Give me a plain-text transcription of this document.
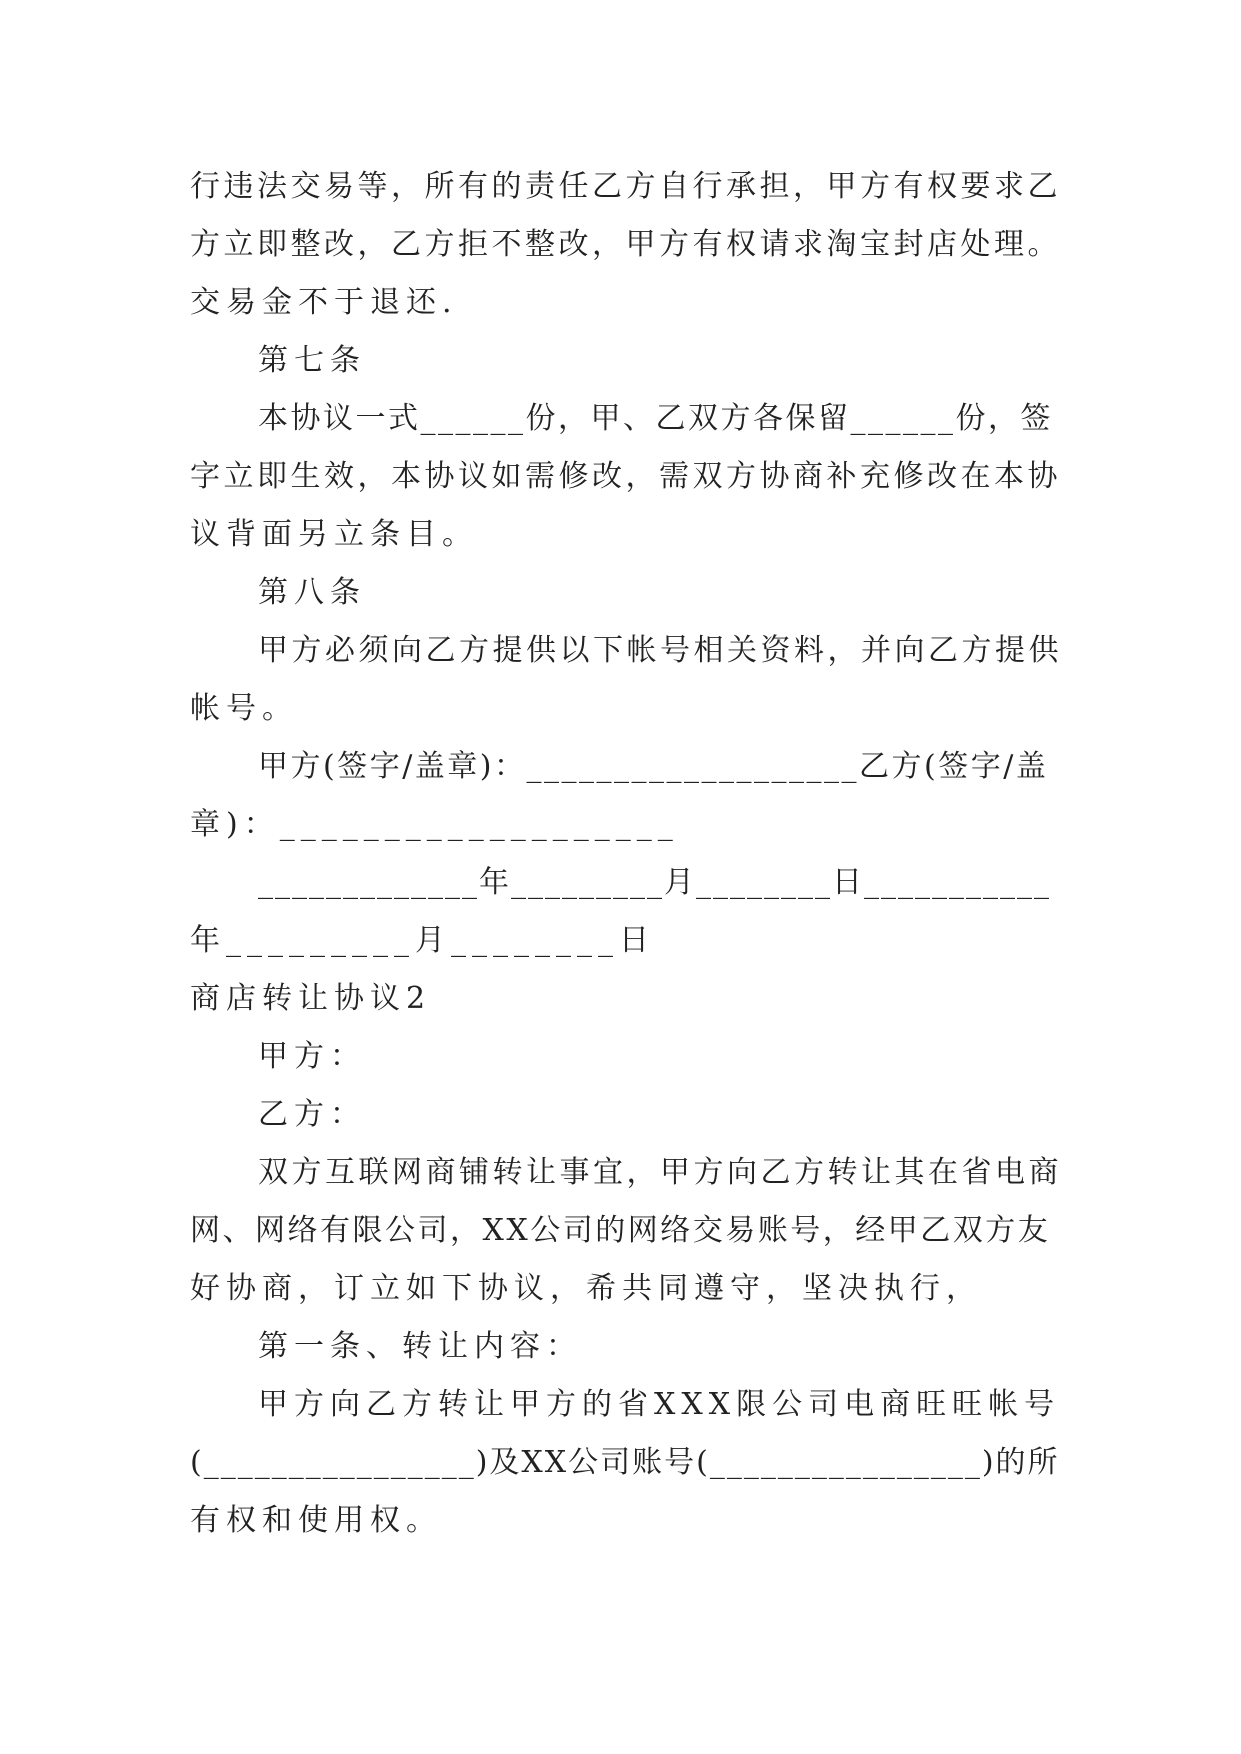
行违法交易等，所有的责任乙方自行承担，甲方有权要求乙
方立即整改，乙方拒不整改，甲方有权请求淘宝封店处理。
交易金不于退还.
第七条
本协议一式______份，甲、乙双方各保留______份，签
字立即生效，本协议如需修改，需双方协商补充修改在本协
议背面另立条目。
第八条
甲方必须向乙方提供以下帐号相关资料，并向乙方提供
帐号。
甲方(签字/盖章)：___________________乙方(签字/盖
章)：___________________
_____________年_________月________日___________
年_________月________日
商店转让协议2
甲方：
乙方：
双方互联网商铺转让事宜，甲方向乙方转让其在省电商
网、网络有限公司，XX公司的网络交易账号，经甲乙双方友
好协商，订立如下协议，希共同遵守，坚决执行，
第一条、转让内容：
甲方向乙方转让甲方的省XXX限公司电商旺旺帐号
(________________)及XX公司账号(________________)的所
有权和使用权。
